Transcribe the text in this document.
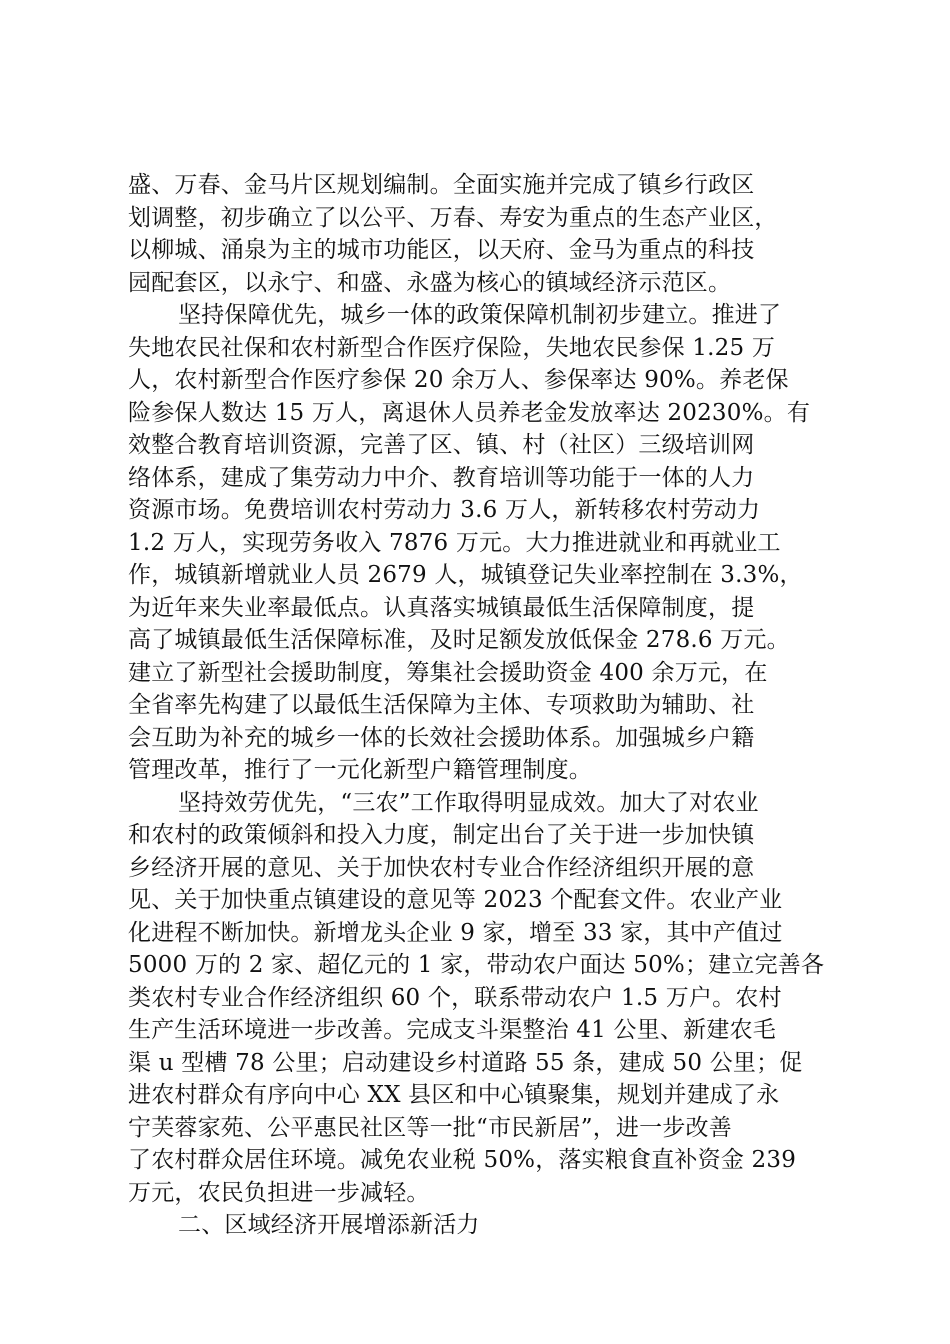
盛、万春、金马片区规划编制。全面实施并完成了镇乡行政区

划调整，初步确立了以公平、万春、寿安为重点的生态产业区，

以柳城、涌泉为主的城市功能区，以天府、金马为重点的科技

园配套区，以永宁、和盛、永盛为核心的镇域经济示范区。

坚持保障优先，城乡一体的政策保障机制初步建立。推进了

失地农民社保和农村新型合作医疗保险，失地农民参保 1.25 万

人，农村新型合作医疗参保 20 余万人、参保率达 90%。养老保

险参保人数达 15 万人，离退休人员养老金发放率达 20230%。有

效整合教育培训资源，完善了区、镇、村（社区）三级培训网

络体系，建成了集劳动力中介、教育培训等功能于一体的人力

资源市场。免费培训农村劳动力 3.6 万人，新转移农村劳动力

1.2 万人，实现劳务收入 7876 万元。大力推进就业和再就业工

作，城镇新增就业人员 2679 人，城镇登记失业率控制在 3.3%，

为近年来失业率最低点。认真落实城镇最低生活保障制度，提

高了城镇最低生活保障标准，及时足额发放低保金 278.6 万元。

建立了新型社会援助制度，筹集社会援助资金 400 余万元，在

全省率先构建了以最低生活保障为主体、专项救助为辅助、社

会互助为补充的城乡一体的长效社会援助体系。加强城乡户籍

管理改革，推行了一元化新型户籍管理制度。

坚持效劳优先，“三农”工作取得明显成效。加大了对农业

和农村的政策倾斜和投入力度，制定出台了关于进一步加快镇

乡经济开展的意见、关于加快农村专业合作经济组织开展的意

见、关于加快重点镇建设的意见等 2023 个配套文件。农业产业

化进程不断加快。新增龙头企业 9 家，增至 33 家，其中产值过

5000 万的 2 家、超亿元的 1 家，带动农户面达 50%；建立完善各

类农村专业合作经济组织 60 个，联系带动农户 1.5 万户。农村

生产生活环境进一步改善。完成支斗渠整治 41 公里、新建农毛

渠 u 型槽 78 公里；启动建设乡村道路 55 条，建成 50 公里；促

进农村群众有序向中心 XX 县区和中心镇聚集，规划并建成了永

宁芙蓉家苑、公平惠民社区等一批“市民新居”，进一步改善

了农村群众居住环境。减免农业税 50%，落实粮食直补资金 239

万元，农民负担进一步减轻。

二、区域经济开展增添新活力
